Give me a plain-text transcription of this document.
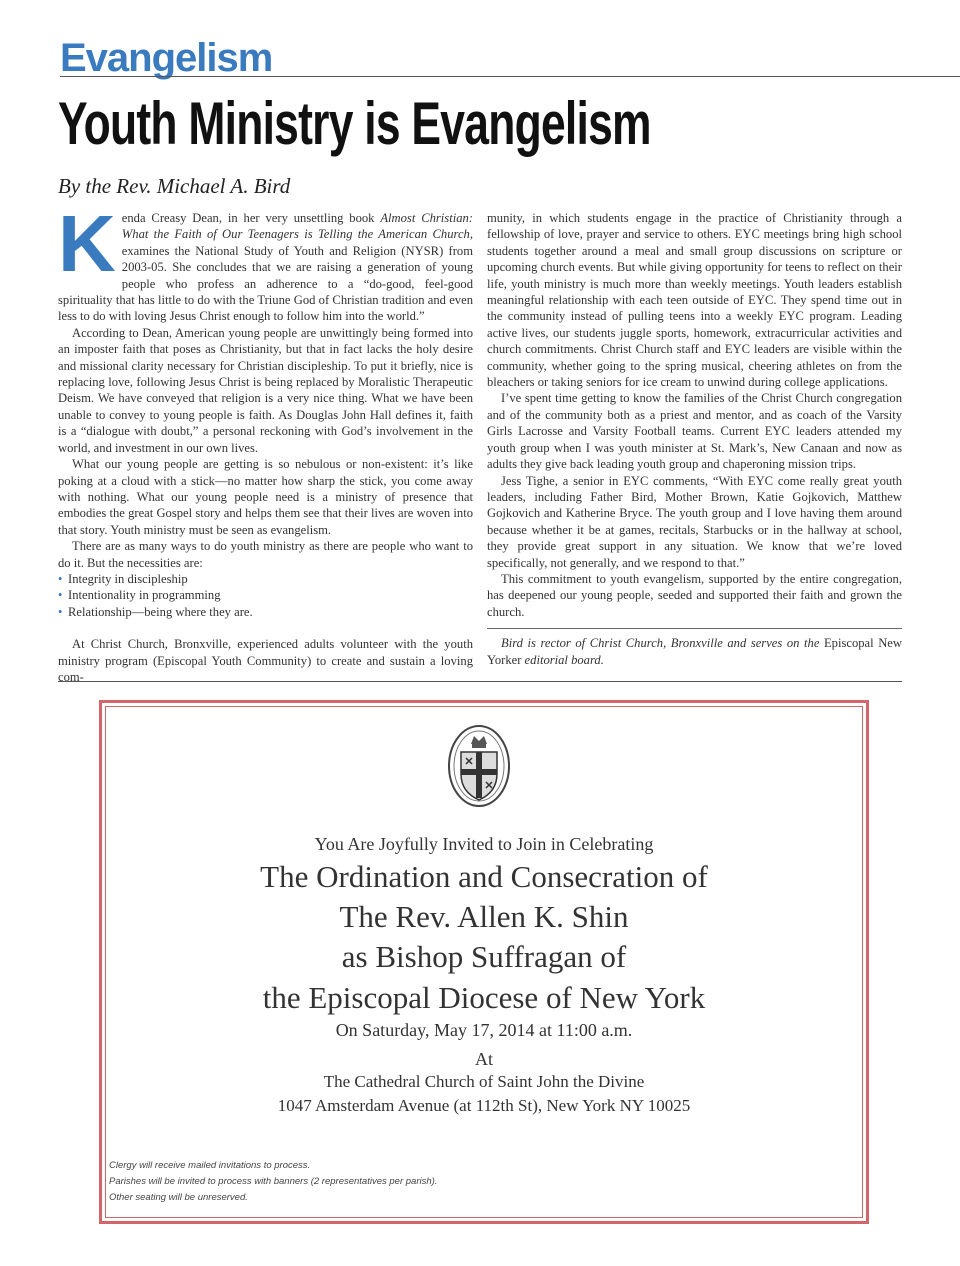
Evangelism
Youth Ministry is Evangelism
By the Rev. Michael A. Bird

Kenda Creasy Dean, in her very unsettling book Almost Christian: What the Faith of Our Teenagers is Telling the American Church, examines the National Study of Youth and Religion (NYSR) from 2003-05. She concludes that we are raising a generation of young people who profess an adherence to a “do-good, feel-good spirituality that has little to do with the Triune God of Christian tradition and even less to do with loving Jesus Christ enough to follow him into the world.”

According to Dean, American young people are unwittingly being formed into an imposter faith that poses as Christianity, but that in fact lacks the holy desire and missional clarity necessary for Christian discipleship. To put it briefly, nice is replacing love, following Jesus Christ is being replaced by Moralistic Therapeutic Deism. We have conveyed that religion is a very nice thing. What we have been unable to convey to young people is faith. As Douglas John Hall defines it, faith is a “dialogue with doubt,” a personal reckoning with God’s involvement in the world, and investment in our own lives.

What our young people are getting is so nebulous or non-existent: it’s like poking at a cloud with a stick—no matter how sharp the stick, you come away with nothing. What our young people need is a ministry of presence that embodies the great Gospel story and helps them see that their lives are woven into that story. Youth ministry must be seen as evangelism.

There are as many ways to do youth ministry as there are people who want to do it. But the necessities are:

• Integrity in discipleship
• Intentionality in programming
• Relationship—being where they are.

At Christ Church, Bronxville, experienced adults volunteer with the youth ministry program (Episcopal Youth Community) to create and sustain a loving com-

munity, in which students engage in the practice of Christianity through a fellowship of love, prayer and service to others. EYC meetings bring high school students together around a meal and small group discussions on scripture or upcoming church events. But while giving opportunity for teens to reflect on their life, youth ministry is much more than weekly meetings. Youth leaders establish meaningful relationship with each teen outside of EYC. They spend time out in the community instead of pulling teens into a weekly EYC program. Leading active lives, our students juggle sports, homework, extracurricular activities and church commitments. Christ Church staff and EYC leaders are visible within the community, whether going to the spring musical, cheering athletes on from the bleachers or taking seniors for ice cream to unwind during college applications.

I’ve spent time getting to know the families of the Christ Church congregation and of the community both as a priest and mentor, and as coach of the Varsity Girls Lacrosse and Varsity Football teams. Current EYC leaders attended my youth group when I was youth minister at St. Mark’s, New Canaan and now as adults they give back leading youth group and chaperoning mission trips.

Jess Tighe, a senior in EYC comments, “With EYC come really great youth leaders, including Father Bird, Mother Brown, Katie Gojkovich, Matthew Gojkovich and Katherine Bryce. The youth group and I love having them around because whether it be at games, recitals, Starbucks or in the hallway at school, they provide great support in any situation. We know that we’re loved specifically, not generally, and we respond to that.”

This commitment to youth evangelism, supported by the entire congregation, has deepened our young people, seeded and supported their faith and grown the church.

Bird is rector of Christ Church, Bronxville and serves on the Episcopal New Yorker editorial board.

You Are Joyfully Invited to Join in Celebrating
The Ordination and Consecration of
The Rev. Allen K. Shin
as Bishop Suffragan of
the Episcopal Diocese of New York
On Saturday, May 17, 2014 at 11:00 a.m.
At
The Cathedral Church of Saint John the Divine
1047 Amsterdam Avenue (at 112th St), New York NY 10025
Clergy will receive mailed invitations to process.
Parishes will be invited to process with banners (2 representatives per parish).
Other seating will be unreserved.
